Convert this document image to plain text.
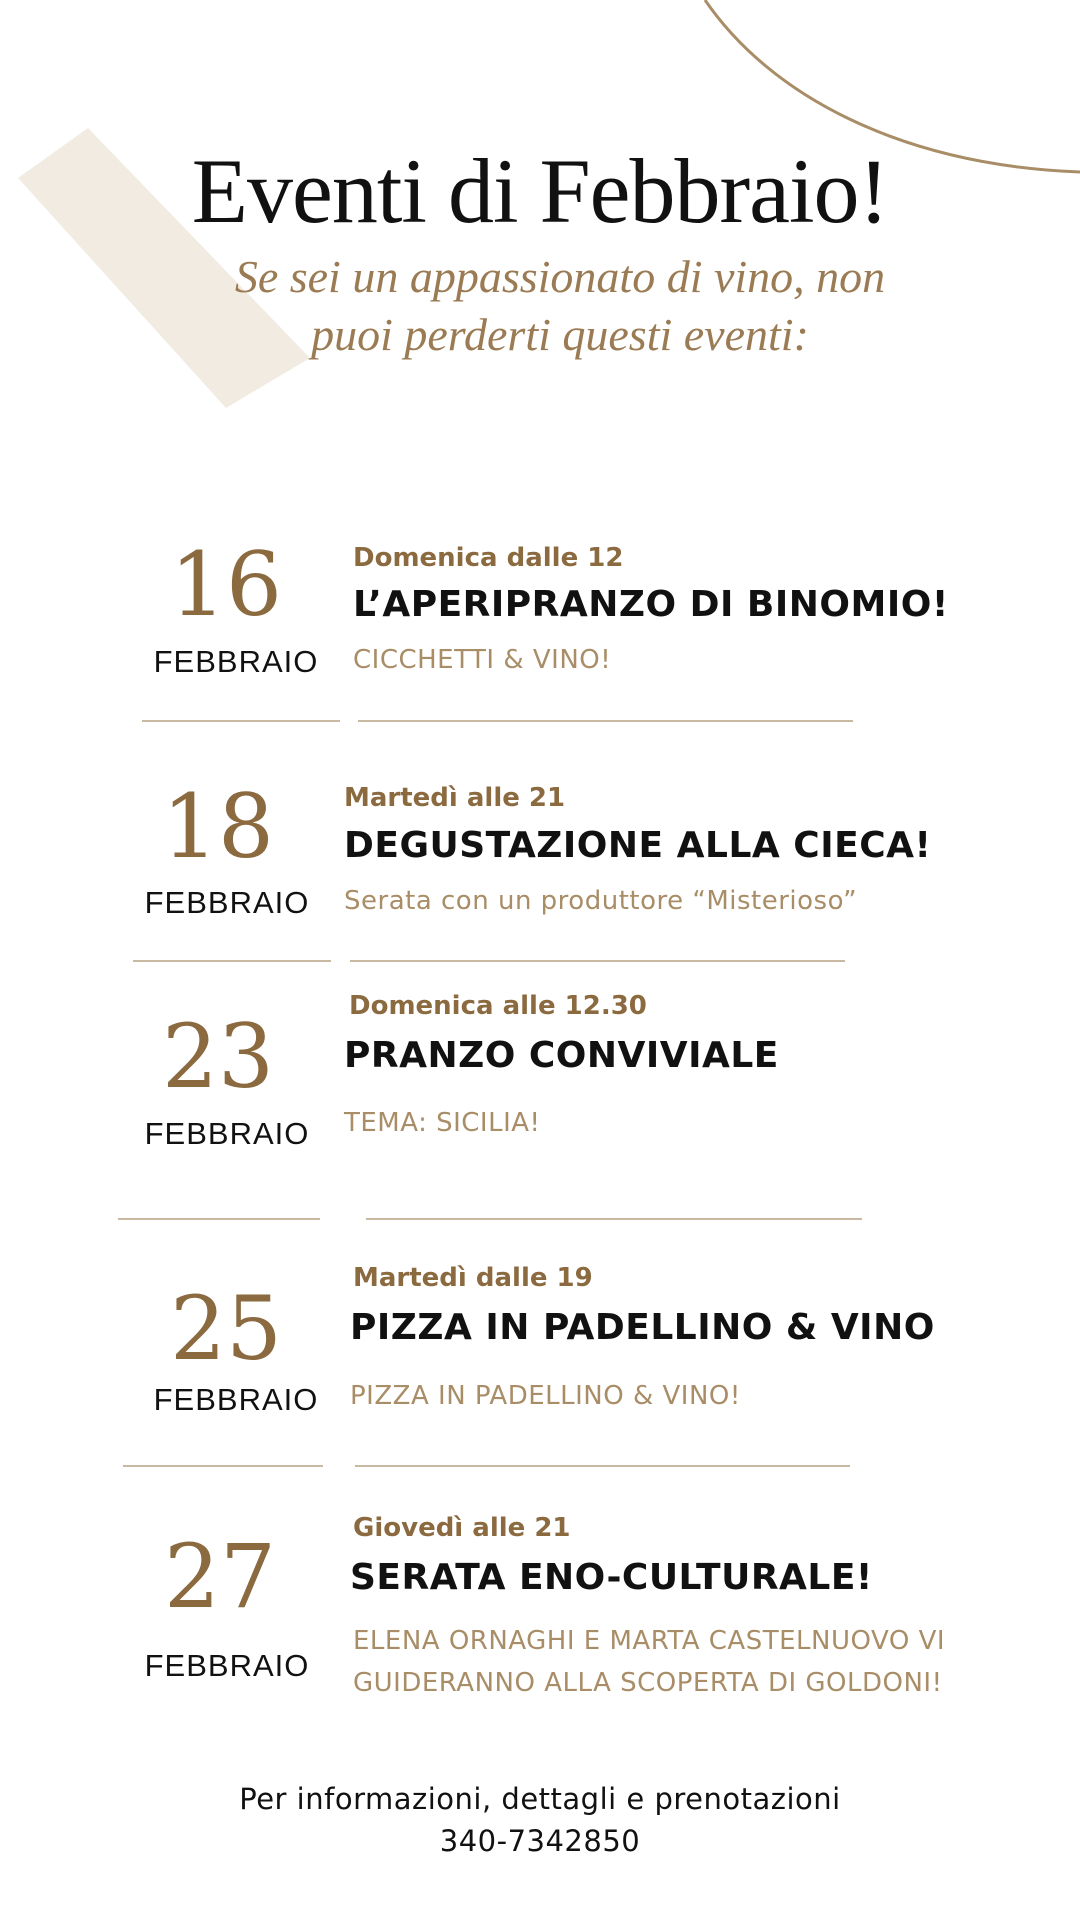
Eventi di Febbraio!
Se sei un appassionato di vino, non
puoi perderti questi eventi:
16
FEBBRAIO
Domenica dalle 12
L’APERIPRANZO DI BINOMIO!
CICCHETTI & VINO!
18
FEBBRAIO
Martedì alle 21
DEGUSTAZIONE ALLA CIECA!
Serata con un produttore “Misterioso”
23
FEBBRAIO
Domenica alle 12.30
PRANZO CONVIVIALE
TEMA: SICILIA!
25
FEBBRAIO
Martedì dalle 19
PIZZA IN PADELLINO & VINO
PIZZA IN PADELLINO & VINO!
27
FEBBRAIO
Giovedì alle 21
SERATA ENO-CULTURALE!
ELENA ORNAGHI E MARTA CASTELNUOVO VI
GUIDERANNO ALLA SCOPERTA DI GOLDONI!
Per informazioni, dettagli e prenotazioni
340-7342850
